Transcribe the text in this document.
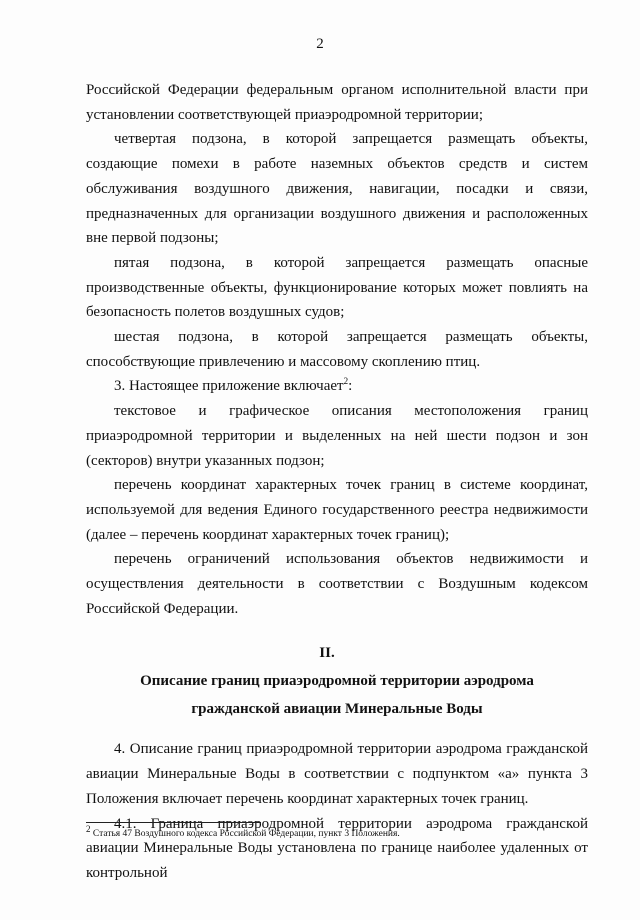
2

Российской Федерации федеральным органом исполнительной власти при установлении соответствующей приаэродромной территории;

четвертая подзона, в которой запрещается размещать объекты, создающие помехи в работе наземных объектов средств и систем обслуживания воздушного движения, навигации, посадки и связи, предназначенных для организации воздушного движения и расположенных вне первой подзоны;

пятая подзона, в которой запрещается размещать опасные производственные объекты, функционирование которых может повлиять на безопасность полетов воздушных судов;

шестая подзона, в которой запрещается размещать объекты, способствующие привлечению и массовому скоплению птиц.

3. Настоящее приложение включает$^2$:

текстовое и графическое описания местоположения границ приаэродромной территории и выделенных на ней шести подзон и зон (секторов) внутри указанных подзон;

перечень координат характерных точек границ в системе координат, используемой для ведения Единого государственного реестра недвижимости (далее – перечень координат характерных точек границ);

перечень ограничений использования объектов недвижимости и осуществления деятельности в соответствии с Воздушным кодексом Российской Федерации.

II.
Описание границ приаэродромной территории аэродрома
гражданской авиации Минеральные Воды

4. Описание границ приаэродромной территории аэродрома гражданской авиации Минеральные Воды в соответствии с подпунктом «а» пункта 3 Положения включает перечень координат характерных точек границ.

4.1. Граница приаэродромной территории аэродрома гражданской авиации Минеральные Воды установлена по границе наиболее удаленных от контрольной

$^2$ Статья 47 Воздушного кодекса Российской Федерации, пункт 3 Положения.
